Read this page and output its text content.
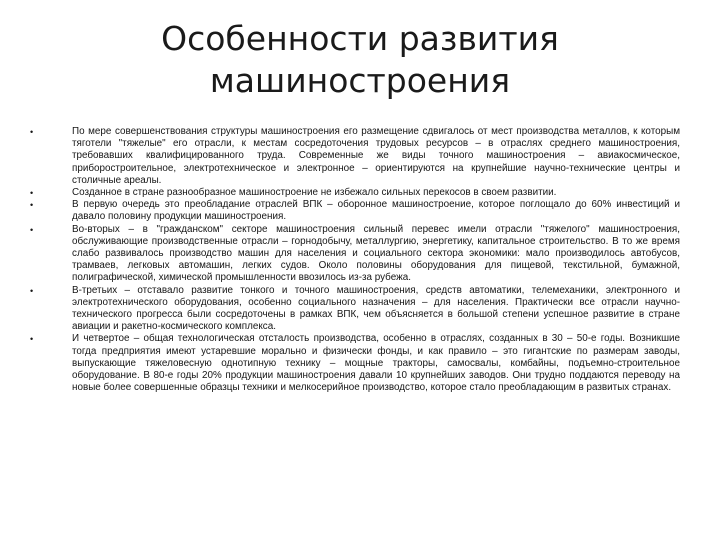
Особенности развития
машиностроения
•	По мере совершенствования структуры машиностроения его размещение сдвигалось от мест производства металлов, к которым тяготели "тяжелые" его отрасли, к местам сосредоточения трудовых ресурсов – в отраслях среднего машиностроения, требовавших квалифицированного труда. Современные же виды точного машиностроения – авиакосмическое, приборостроительное, электротехническое и электронное – ориентируются на крупнейшие научно-технические центры и столичные ареалы.
•	Созданное в стране разнообразное машиностроение не избежало сильных перекосов в своем развитии.
•	В первую очередь это преобладание отраслей ВПК – оборонное машиностроение, которое поглощало до 60% инвестиций и давало половину продукции машиностроения.
•	Во-вторых – в "гражданском" секторе машиностроения сильный перевес имели отрасли "тяжелого" машиностроения, обслуживающие производственные отрасли – горнодобычу, металлургию, энергетику, капитальное строительство. В то же время слабо развивалось производство машин для населения и социального сектора экономики: мало производилось автобусов, трамваев, легковых автомашин, легких судов. Около половины оборудования для пищевой, текстильной, бумажной, полиграфической, химической промышленности ввозилось из-за рубежа.
•	В-третьих – отставало развитие тонкого и точного машиностроения, средств автоматики, телемеханики, электронного и электротехнического оборудования, особенно социального назначения – для населения. Практически все отрасли научно-технического прогресса были сосредоточены в рамках ВПК, чем объясняется в большой степени успешное развитие в стране авиации и ракетно-космического комплекса.
•	И четвертое – общая технологическая отсталость производства, особенно в отраслях, созданных в 30 – 50-е годы. Возникшие тогда предприятия имеют устаревшие морально и физически фонды, и как правило – это гигантские по размерам заводы, выпускающие тяжеловесную однотипную технику – мощные тракторы, самосвалы, комбайны, подъемно-строительное оборудование. В 80-е годы 20% продукции машиностроения давали 10 крупнейших заводов. Они трудно поддаются переводу на новые более совершенные образцы техники и мелкосерийное производство, которое стало преобладающим в развитых странах.
